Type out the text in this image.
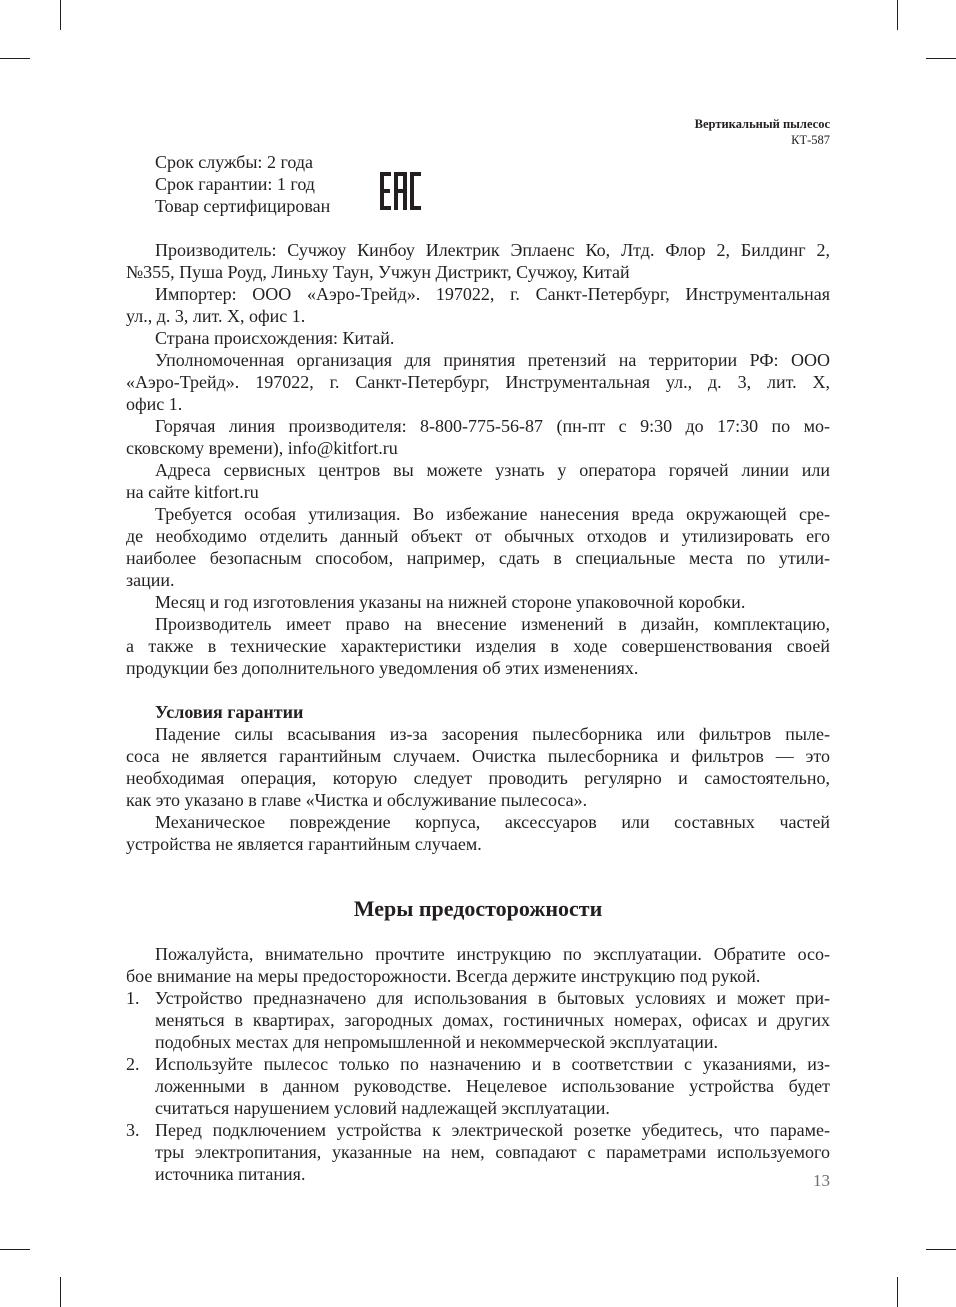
Вертикальный пылесос
КТ-587
Срок службы: 2 года
Срок гарантии: 1 год
Товар сертифицирован
Производитель: Сучжоу Кинбоу Илектрик Эплаенс Ко, Лтд. Флор 2, Билдинг 2,
№355, Пуша Роуд, Линьху Таун, Учжун Дистрикт, Сучжоу, Китай
Импортер: ООО «Аэро-Трейд». 197022, г. Санкт-Петербург, Инструментальная
ул., д. 3, лит. Х, офис 1.
Страна происхождения: Китай.
Уполномоченная организация для принятия претензий на территории РФ: ООО
«Аэро-Трейд». 197022, г. Санкт-Петербург, Инструментальная ул., д. 3, лит. Х,
офис 1.
Горячая линия производителя: 8-800-775-56-87 (пн-пт с 9:30 до 17:30 по мо-
сковскому времени), info@kitfort.ru
Адреса сервисных центров вы можете узнать у оператора горячей линии или
на сайте kitfort.ru
Требуется особая утилизация. Во избежание нанесения вреда окружающей сре-
де необходимо отделить данный объект от обычных отходов и утилизировать его
наиболее безопасным способом, например, сдать в специальные места по утили-
зации.
Месяц и год изготовления указаны на нижней стороне упаковочной коробки.
Производитель имеет право на внесение изменений в дизайн, комплектацию,
а также в технические характеристики изделия в ходе совершенствования своей
продукции без дополнительного уведомления об этих изменениях.
Условия гарантии
Падение силы всасывания из-за засорения пылесборника или фильтров пыле-
соса не является гарантийным случаем. Очистка пылесборника и фильтров — это
необходимая операция, которую следует проводить регулярно и самостоятельно,
как это указано в главе «Чистка и обслуживание пылесоса».
Механическое повреждение корпуса, аксессуаров или составных частей
устройства не является гарантийным случаем.
Меры предосторожности
Пожалуйста, внимательно прочтите инструкцию по эксплуатации. Обратите осо-
бое внимание на меры предосторожности. Всегда держите инструкцию под рукой.
1. Устройство предназначено для использования в бытовых условиях и может при-
меняться в квартирах, загородных домах, гостиничных номерах, офисах и других
подобных местах для непромышленной и некоммерческой эксплуатации.
2. Используйте пылесос только по назначению и в соответствии с указаниями, из-
ложенными в данном руководстве. Нецелевое использование устройства будет
считаться нарушением условий надлежащей эксплуатации.
3. Перед подключением устройства к электрической розетке убедитесь, что параме-
тры электропитания, указанные на нем, совпадают с параметрами используемого
источника питания.	13
